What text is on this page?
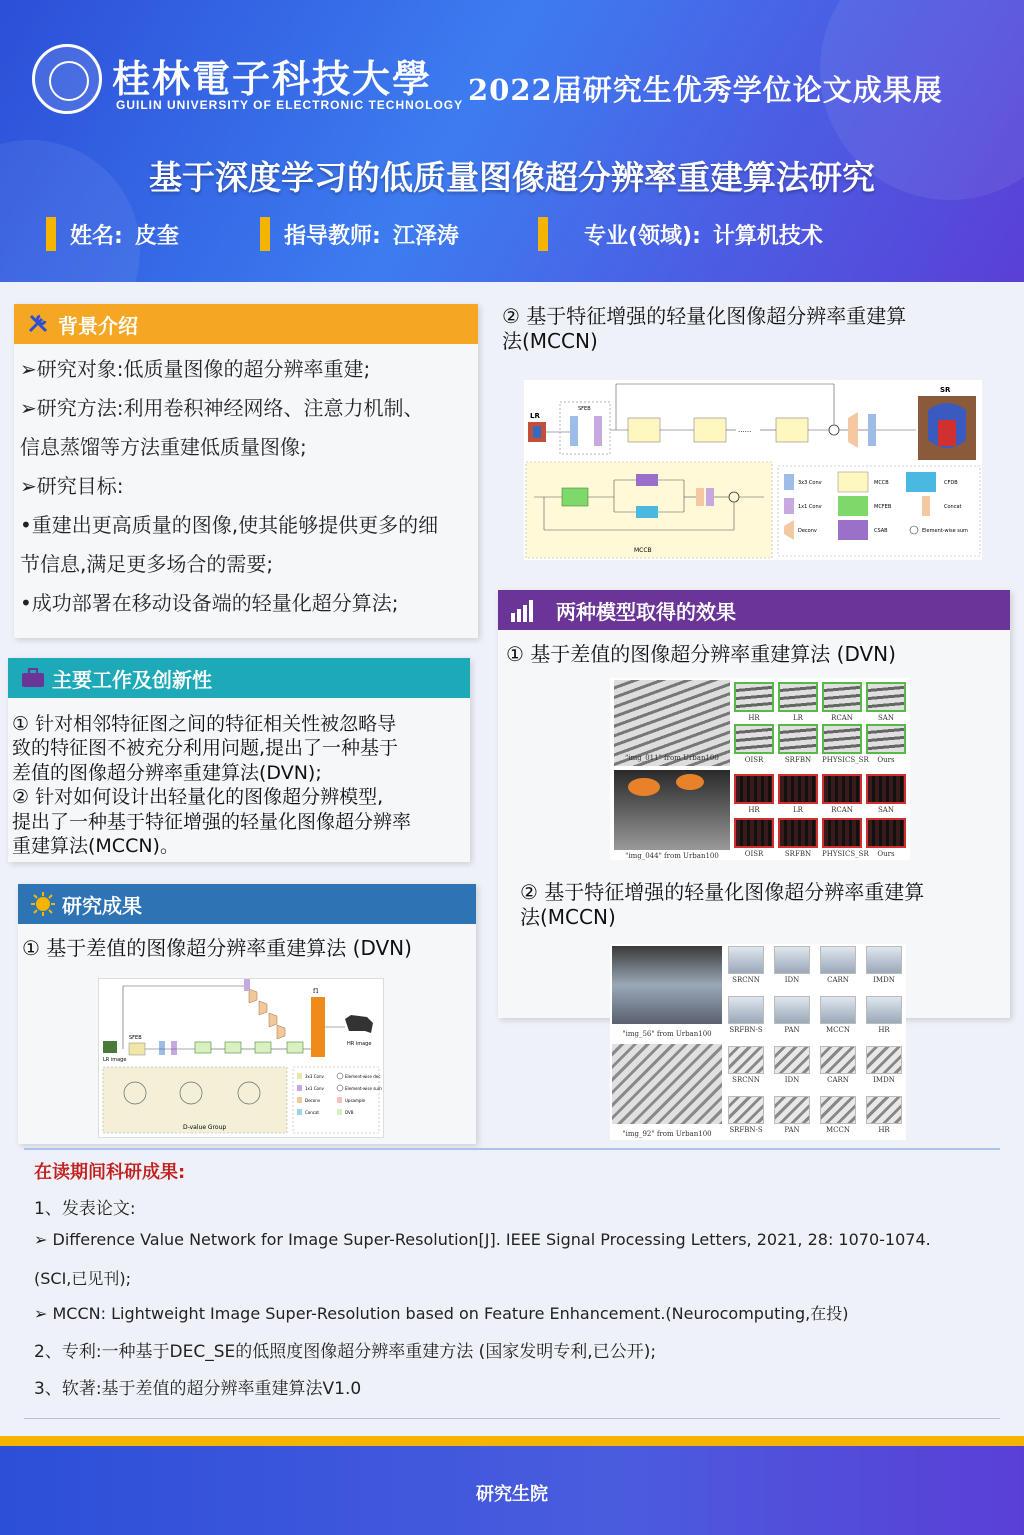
桂林電子科技大學
GUILIN UNIVERSITY OF ELECTRONIC TECHNOLOGY 2022届研究生优秀学位论文成果展
基于深度学习的低质量图像超分辨率重建算法研究
姓名: 皮奎	指导教师: 江泽涛	专业(领域): 计算机技术
背景介绍
➢研究对象:低质量图像的超分辨率重建;
➢研究方法:利用卷积神经网络、注意力机制、
信息蒸馏等方法重建低质量图像;
➢研究目标:
•重建出更高质量的图像,使其能够提供更多的细
节信息,满足更多场合的需要;
•成功部署在移动设备端的轻量化超分算法;
主要工作及创新性
① 针对相邻特征图之间的特征相关性被忽略导
致的特征图不被充分利用问题,提出了一种基于
差值的图像超分辨率重建算法(DVN);
② 针对如何设计出轻量化的图像超分辨模型,
提出了一种基于特征增强的轻量化图像超分辨率
重建算法(MCCN)。
研究成果
① 基于差值的图像超分辨率重建算法 (DVN)
LR image
SFEB
f1
HR image
D-value Group
3x3 Conv
1x1 Conv
Deconv
Concat
Element-wise dec
Element-wise sum
Upsample
DVB
② 基于特征增强的轻量化图像超分辨率重建算
法(MCCN)
LR
SFEB
......
SR
MCCB
3x3 Conv	MCCB	CFDB
1x1 Conv	MCFEB	Concat
Deconv	CSAB	Element-wise sum
两种模型取得的效果
① 基于差值的图像超分辨率重建算法 (DVN)
"img_011" from Urban100
"img_044" from Urban100
HR	LR	RCAN	SAN
OISR	SRFBN	PHYSICS_SR	Ours
HR	LR	RCAN	SAN
OISR	SRFBN	PHYSICS_SR	Ours
② 基于特征增强的轻量化图像超分辨率重建算
法(MCCN)
"img_56" from Urban100
"img_92" from Urban100
SRCNN	IDN	CARN	IMDN
SRFBN-S	PAN	MCCN	HR
SRCNN	IDN	CARN	IMDN
SRFBN-S	PAN	MCCN	HR
在读期间科研成果:
1、发表论文:
➢ Difference Value Network for Image Super-Resolution[J]. IEEE Signal Processing Letters, 2021, 28: 1070-1074.
(SCI,已见刊);
➢ MCCN: Lightweight Image Super-Resolution based on Feature Enhancement.(Neurocomputing,在投)
2、专利:一种基于DEC_SE的低照度图像超分辨率重建方法 (国家发明专利,已公开);
3、软著:基于差值的超分辨率重建算法V1.0
研究生院
